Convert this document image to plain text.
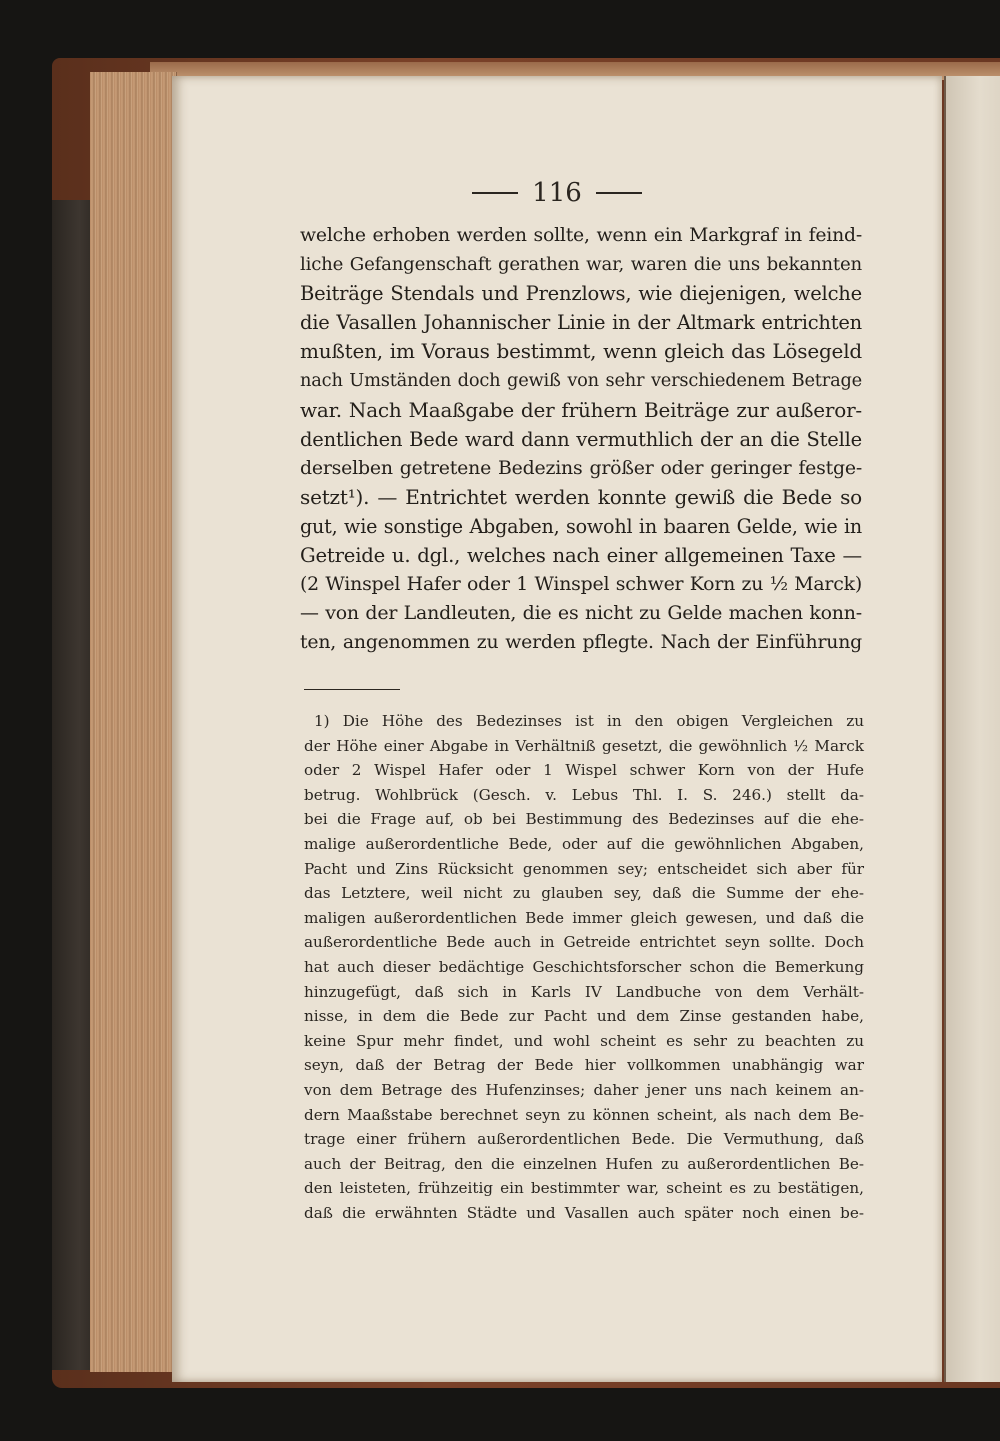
116
welche erhoben werden sollte, wenn ein Markgraf in feind-
liche Gefangenschaft gerathen war, waren die uns bekannten
Beiträge Stendals und Prenzlows, wie diejenigen, welche
die Vasallen Johannischer Linie in der Altmark entrichten
mußten, im Voraus bestimmt, wenn gleich das Lösegeld
nach Umständen doch gewiß von sehr verschiedenem Betrage
war. Nach Maaßgabe der frühern Beiträge zur außeror-
dentlichen Bede ward dann vermuthlich der an die Stelle
derselben getretene Bedezins größer oder geringer festge-
setzt¹). — Entrichtet werden konnte gewiß die Bede so
gut, wie sonstige Abgaben, sowohl in baaren Gelde, wie in
Getreide u. dgl., welches nach einer allgemeinen Taxe —
(2 Winspel Hafer oder 1 Winspel schwer Korn zu ½ Marck)
— von der Landleuten, die es nicht zu Gelde machen konn-
ten, angenommen zu werden pflegte. Nach der Einführung
1) Die Höhe des Bedezinses ist in den obigen Vergleichen zu
der Höhe einer Abgabe in Verhältniß gesetzt, die gewöhnlich ½ Marck
oder 2 Wispel Hafer oder 1 Wispel schwer Korn von der Hufe
betrug. Wohlbrück (Gesch. v. Lebus Thl. I. S. 246.) stellt da-
bei die Frage auf, ob bei Bestimmung des Bedezinses auf die ehe-
malige außerordentliche Bede, oder auf die gewöhnlichen Abgaben,
Pacht und Zins Rücksicht genommen sey; entscheidet sich aber für
das Letztere, weil nicht zu glauben sey, daß die Summe der ehe-
maligen außerordentlichen Bede immer gleich gewesen, und daß die
außerordentliche Bede auch in Getreide entrichtet seyn sollte. Doch
hat auch dieser bedächtige Geschichtsforscher schon die Bemerkung
hinzugefügt, daß sich in Karls IV Landbuche von dem Verhält-
nisse, in dem die Bede zur Pacht und dem Zinse gestanden habe,
keine Spur mehr findet, und wohl scheint es sehr zu beachten zu
seyn, daß der Betrag der Bede hier vollkommen unabhängig war
von dem Betrage des Hufenzinses; daher jener uns nach keinem an-
dern Maaßstabe berechnet seyn zu können scheint, als nach dem Be-
trage einer frühern außerordentlichen Bede. Die Vermuthung, daß
auch der Beitrag, den die einzelnen Hufen zu außerordentlichen Be-
den leisteten, frühzeitig ein bestimmter war, scheint es zu bestätigen,
daß die erwähnten Städte und Vasallen auch später noch einen be-
